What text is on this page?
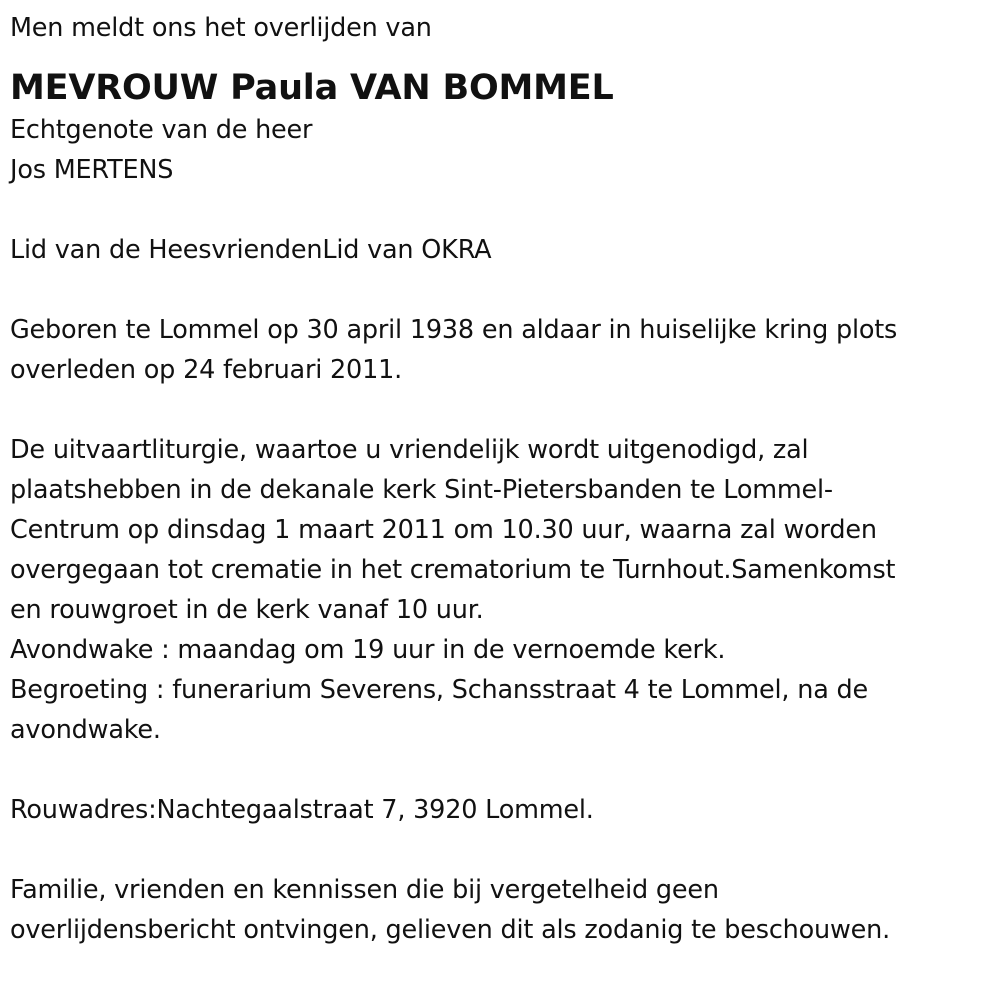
Men meldt ons het overlijden van
MEVROUW Paula VAN BOMMEL
Echtgenote van de heer
Jos MERTENS
Lid van de HeesvriendenLid van OKRA
Geboren te Lommel op 30 april 1938 en aldaar in huiselijke kring plots
overleden op 24 februari 2011.
De uitvaartliturgie, waartoe u vriendelijk wordt uitgenodigd, zal
plaatshebben in de dekanale kerk Sint-Pietersbanden te Lommel-
Centrum op dinsdag 1 maart 2011 om 10.30 uur, waarna zal worden
overgegaan tot crematie in het crematorium te Turnhout.Samenkomst
en rouwgroet in de kerk vanaf 10 uur.
Avondwake : maandag om 19 uur in de vernoemde kerk.
Begroeting : funerarium Severens, Schansstraat 4 te Lommel, na de
avondwake.
Rouwadres:Nachtegaalstraat 7, 3920 Lommel.
Familie, vrienden en kennissen die bij vergetelheid geen
overlijdensbericht ontvingen, gelieven dit als zodanig te beschouwen.
